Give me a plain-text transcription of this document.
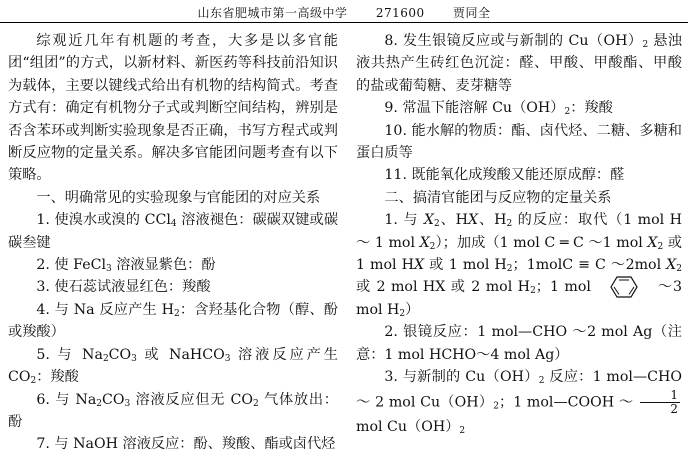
山东省肥城市第一高级中学 271600 贾同全

综观近几年有机题的考查，大多是以多官能团“组团”的方式，以新材料、新医药等科技前沿知识为载体，主要以键线式给出有机物的结构简式。考查方式有：确定有机物分子式或判断空间结构，辨别是否含苯环或判断实验现象是否正确，书写方程式或判断反应物的定量关系。解决多官能团问题考查有以下策略。

一、明确常见的实验现象与官能团的对应关系

1. 使溴水或溴的 CCl$_4$ 溶液褪色：碳碳双键或碳碳叁键

2. 使 FeCl$_3$ 溶液显紫色：酚

3. 使石蕊试液显红色：羧酸

4. 与 Na 反应产生 $H_2$：含羟基化合物（醇、酚或羧酸）

5. 与 $Na_2CO_3$ 或 NaHCO$_3$ 溶液反应产生 $CO_2$：羧酸

6. 与 $Na_2CO_3$ 溶液反应但无 $CO_2$ 气体放出：酚

7. 与 NaOH 溶液反应：酚、羧酸、酯或卤代烃

8. 发生银镜反应或与新制的 $Cu(OH)_2$ 悬浊液共热产生砖红色沉淀：醛、甲酸、甲酸酯、甲酸的盐或葡萄糖、麦芽糖等

9. 常温下能溶解 $Cu(OH)_2$：羧酸

10. 能水解的物质：酯、卤代烃、二糖、多糖和蛋白质等

11. 既能氧化成羧酸又能还原成醇：醛

二、搞清官能团与反应物的定量关系

1. 与 $X_2$、HX、$H_2$ 的反应：取代（1 mol H ～ 1 mol $X_2$）；加成（1 mol C ═ C ～1 mol $X_2$ 或 1 mol HX 或 1 mol $H_2$；1molC ≡ C ～2mol $X_2$ 或 2 mol HX 或 2 mol $H_2$；1 mol	～3 mol $H_2$）

2. 银镜反应：1 mol—CHO ～2 mol Ag（注意：1 mol HCHO～4 mol Ag）

3. 与新制的 $Cu(OH)_2$ 反应：1 mol—CHO ～ 2 mol $Cu(OH)_2$；1 mol—COOH ～ $\frac{1}{2}$
mol $Cu(OH)_2$
